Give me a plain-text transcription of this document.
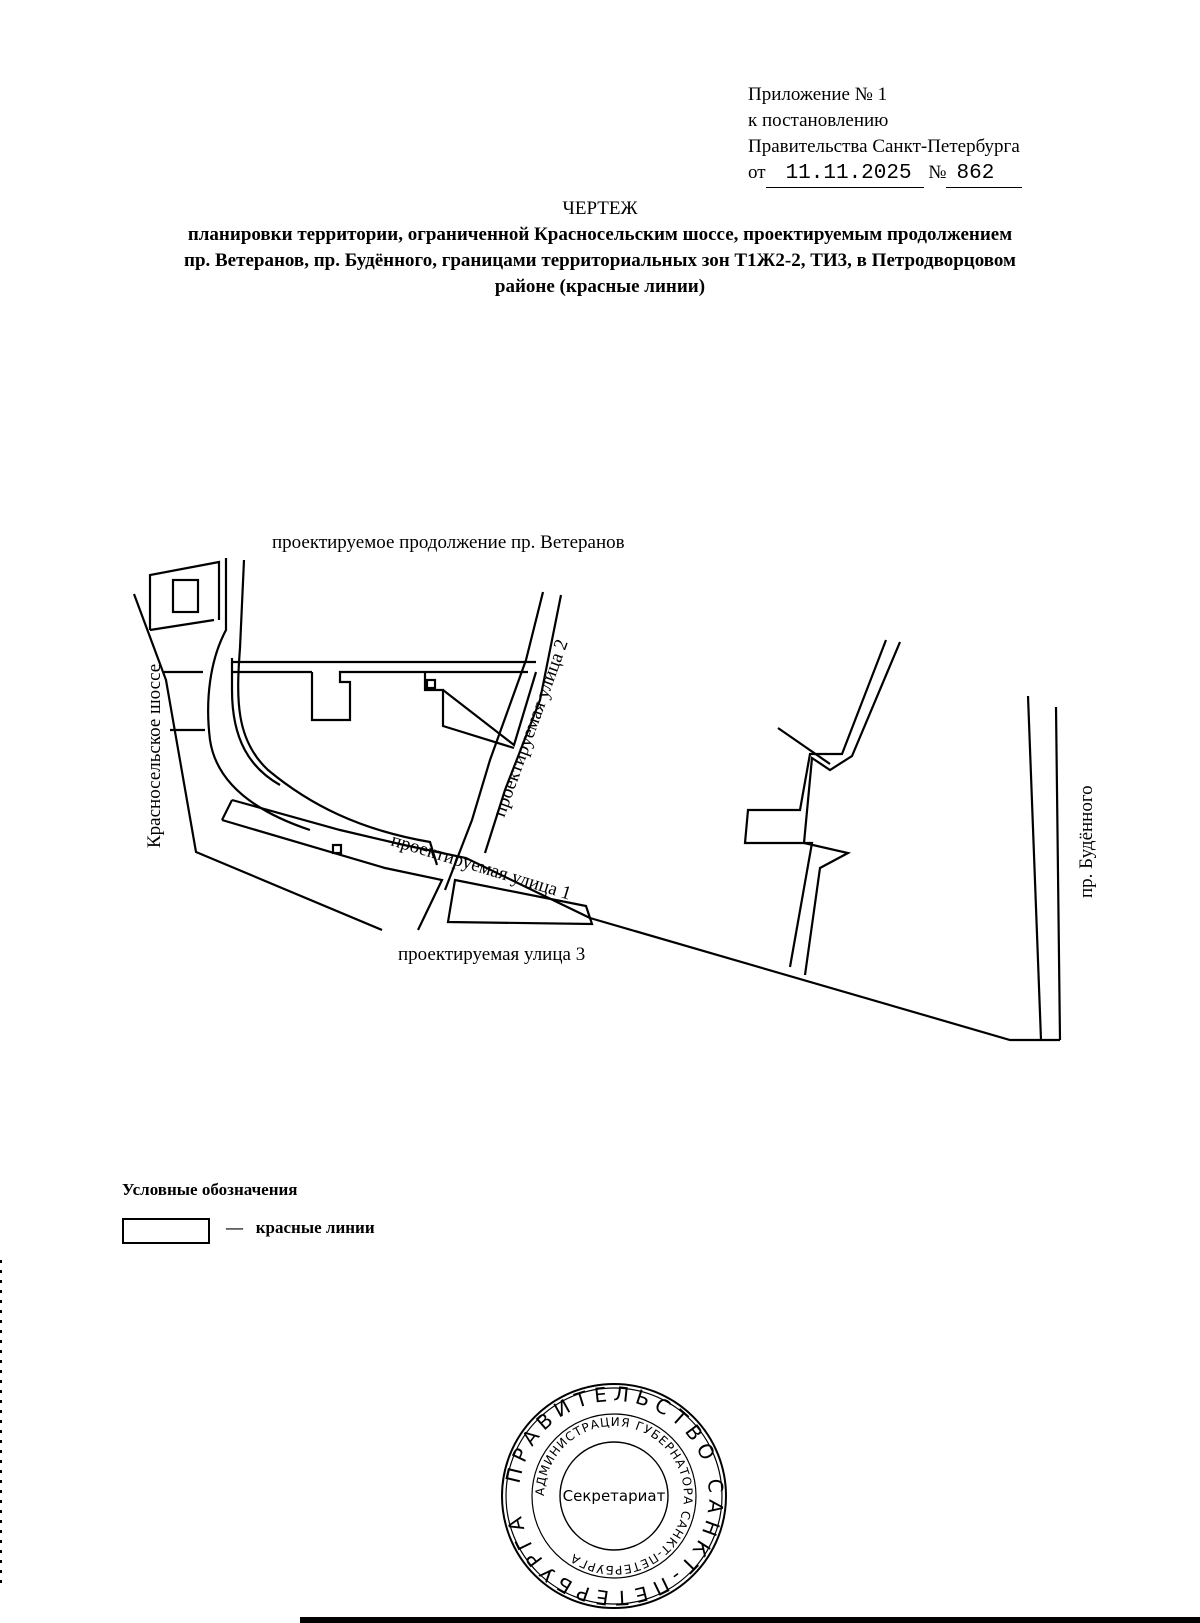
Приложение № 1
к постановлению
Правительства Санкт-Петербурга
от 11.11.2025 № 862
ЧЕРТЕЖ
планировки территории, ограниченной Красносельским шоссе, проектируемым продолжением
пр. Ветеранов, пр. Будённого, границами территориальных зон Т1Ж2-2, ТИ3, в Петродворцовом
районе (красные линии)
проектируемое продолжение пр. Ветеранов
Красносельское шоссе	проектируемая улица 2
проектируемая улица 1
проектируемая улица 3
пр. Будённого
Условные обозначения
— красные линии
ПРАВИТЕЛЬСТВО САНКТ-ПЕТЕРБУРГА
АДМИНИСТРАЦИЯ ГУБЕРНАТОРА САНКТ-ПЕТЕРБУРГА
Секретариат
